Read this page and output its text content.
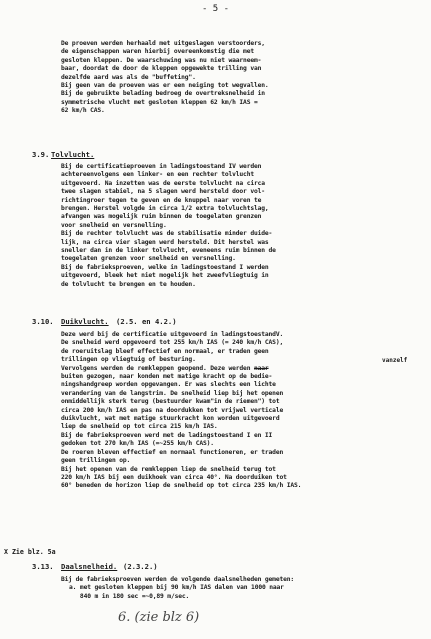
- 5 -
De proeven werden herhaald met uitgeslagen verstoorders,
de eigenschappen waren hierbij overeenkomstig die met
gesloten kleppen. De waarschuwing was nu niet waarneem-
baar, doordat de door de kleppen opgewekte trilling van
dezelfde aard was als de "buffeting".
Bij geen van de proeven was er een neiging tot wegvallen.
Bij de gebruikte belading bedroeg de overtreksnelheid in
symmetrische vlucht met gesloten kleppen 62 km/h IAS =
62 km/h CAS.
3.9. Tolvlucht.
Bij de certificatieproeven in ladingstoestand IV werden
achtereenvolgens een linker- en een rechter tolvlucht
uitgevoerd. Na inzetten was de eerste tolvlucht na circa
twee slagen stabiel, na 5 slagen werd hersteld door vol-
richtingroer tegen te geven en de knuppel naar voren te
brengen. Herstel volgde in circa 1/2 extra tolvluchtslag,
afvangen was mogelijk ruim binnen de toegelaten grenzen
voor snelheid en versnelling.
Bij de rechter tolvlucht was de stabilisatie minder duide-
lijk, na circa vier slagen werd hersteld. Dit herstel was
sneller dan in de linker tolvlucht, eveneens ruim binnen de
toegelaten grenzen voor snelheid en versnelling.
Bij de fabrieksproeven, welke in ladingstoestand I werden
uitgevoerd, bleek het niet mogelijk het zweefvliegtuig in
de tolvlucht te brengen en te houden.
3.10. Duikvlucht. (2.5. en 4.2.)
Deze werd bij de certificatie uitgevoerd in ladingstoestandV.
De snelheid werd opgevoerd tot 255 km/h IAS (= 240 km/h CAS),
de roeruitslag bleef effectief en normaal, er traden geen
trillingen op vliegtuig of besturing.
Vervolgens werden de remkleppen geopend. Deze werden naar
buiten gezogen, naar konden met matige kracht op de bedie-
ningshandgreep worden opgevangen. Er was slechts een lichte
verandering van de langstrim. De snelheid liep bij het openen
onmiddellijk sterk terug (bestuurder kwam"in de riemen") tot
circa 200 km/h IAS en pas na doordukken tot vrijwel verticale
duikvlucht, wat met matige stuurkracht kon worden uitgevoerd
liep de snelheid op tot circa 215 km/h IAS.
Bij de fabrieksproeven werd met de ladingstoestand I en II
gedoken tot 270 km/h IAS (=~255 km/h CAS).
De roeren bleven effectief en normaal functioneren, er traden
geen trillingen op.
Bij het openen van de remkleppen liep de snelheid terug tot
220 km/h IAS bij een duikhoek van circa 40°. Na doorduiken tot
60° beneden de horizon liep de snelheid op tot circa 235 km/h IAS.
vanzelf
X Zie blz. 5a
3.13. Daalsnelheid. (2.3.2.)
Bij de fabrieksproeven werden de volgende daalsnelheden gemeten:
a. met gesloten kleppen bij 90 km/h IAS dalen van 1000 naar
840 m in 180 sec =~0,89 m/sec.
6. (zie blz 6)
